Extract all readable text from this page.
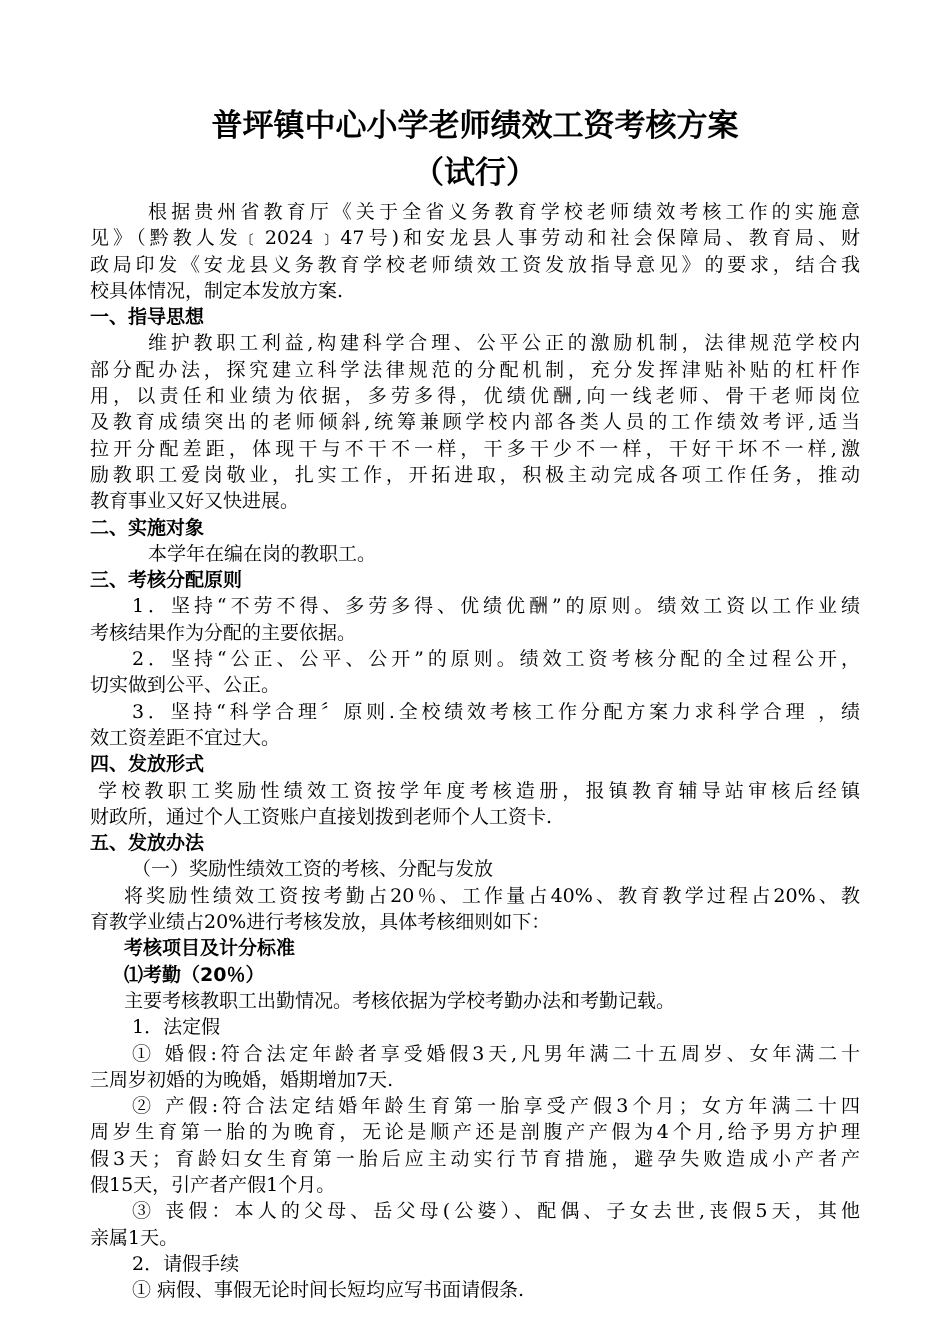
普坪镇中心小学老师绩效工资考核方案
（试行）
根据贵州省教育厅《关于全省义务教育学校老师绩效考核工作的实施意
见》（黔教人发﹝2024﹞47号)和安龙县人事劳动和社会保障局、教育局、财
政局印发《安龙县义务教育学校老师绩效工资发放指导意见》的要求，结合我
校具体情况，制定本发放方案.
一、指导思想
维护教职工利益,构建科学合理、公平公正的激励机制，法律规范学校内
部分配办法，探究建立科学法律规范的分配机制，充分发挥津贴补贴的杠杆作
用，以责任和业绩为依据，多劳多得，优绩优酬,向一线老师、骨干老师岗位
及教育成绩突出的老师倾斜,统筹兼顾学校内部各类人员的工作绩效考评,适当
拉开分配差距，体现干与不干不一样，干多干少不一样，干好干坏不一样,激
励教职工爱岗敬业，扎实工作，开拓进取，积极主动完成各项工作任务，推动
教育事业又好又快进展。
二、实施对象
本学年在编在岗的教职工。
三、考核分配原则
1．坚持“不劳不得、多劳多得、优绩优酬”的原则。绩效工资以工作业绩
考核结果作为分配的主要依据。
2．坚持“公正、公平、公开”的原则。绩效工资考核分配的全过程公开，
切实做到公平、公正。
3．坚持“科学合理〞原则.全校绩效考核工作分配方案力求科学合理 ，绩
效工资差距不宜过大。
四、发放形式
学校教职工奖励性绩效工资按学年度考核造册，报镇教育辅导站审核后经镇
财政所，通过个人工资账户直接划拨到老师个人工资卡.
五、发放办法
（一）奖励性绩效工资的考核、分配与发放
将奖励性绩效工资按考勤占20％、工作量占40%、教育教学过程占20%、教
育教学业绩占20%进行考核发放，具体考核细则如下：
考核项目及计分标准
⑴考勤（20％）
主要考核教职工出勤情况。考核依据为学校考勤办法和考勤记载。
1．法定假
① 婚假:符合法定年龄者享受婚假3天,凡男年满二十五周岁、女年满二十
三周岁初婚的为晚婚，婚期增加7天.
② 产假:符合法定结婚年龄生育第一胎享受产假3个月；女方年满二十四
周岁生育第一胎的为晚育，无论是顺产还是剖腹产产假为4个月,给予男方护理
假3天；育龄妇女生育第一胎后应主动实行节育措施，避孕失败造成小产者产
假15天，引产者产假1个月。
③ 丧假：本人的父母、岳父母(公婆）、配偶、子女去世,丧假5天，其他
亲属1天。
2．请假手续
① 病假、事假无论时间长短均应写书面请假条.
